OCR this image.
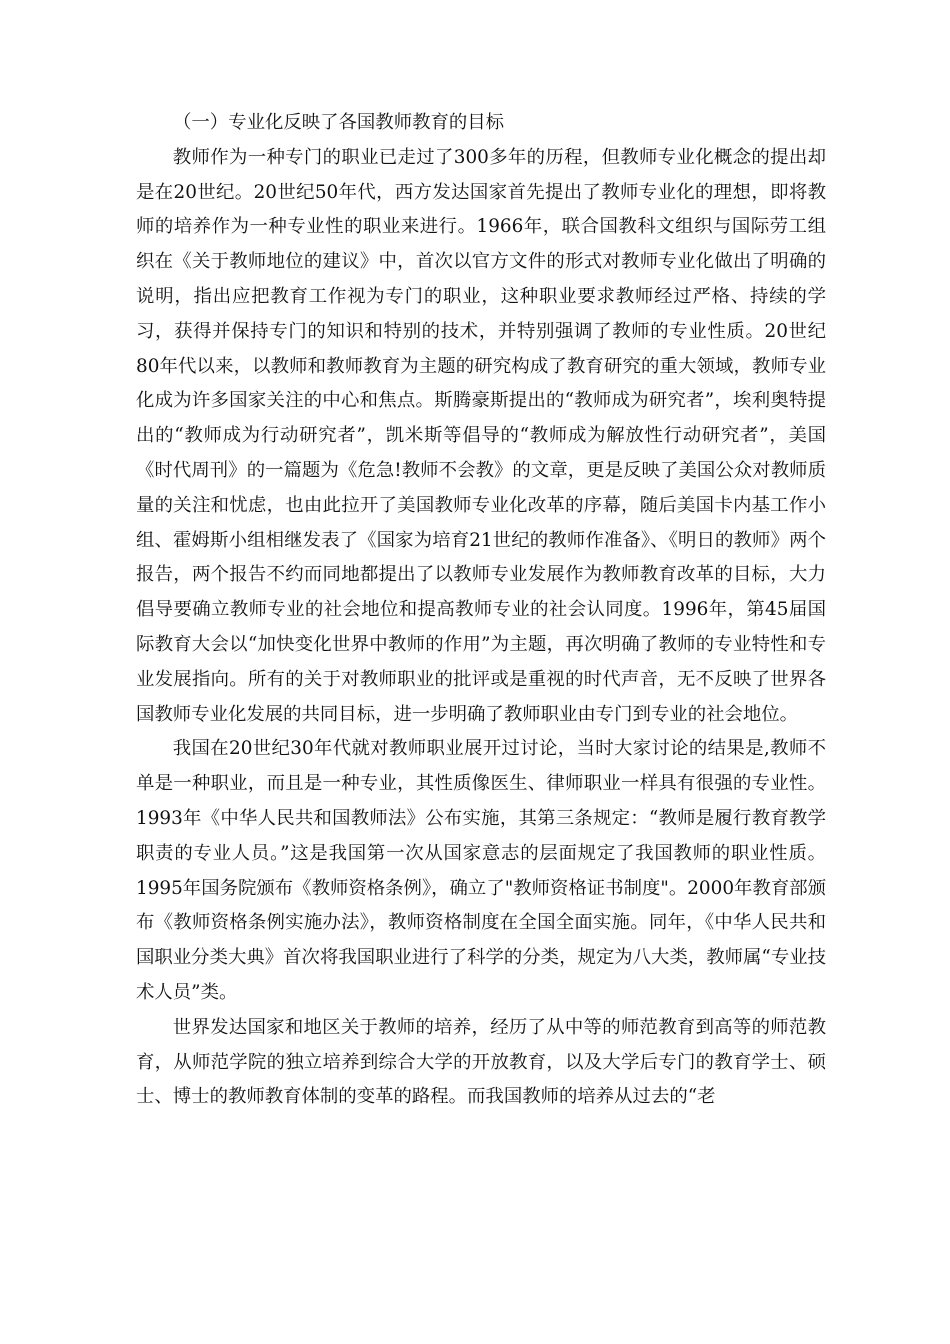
（一）专业化反映了各国教师教育的目标

教师作为一种专门的职业已走过了300多年的历程，但教师专业化概念的提出却是在20世纪。20世纪50年代，西方发达国家首先提出了教师专业化的理想，即将教师的培养作为一种专业性的职业来进行。1966年，联合国教科文组织与国际劳工组织在《关于教师地位的建议》中，首次以官方文件的形式对教师专业化做出了明确的说明，指出应把教育工作视为专门的职业，这种职业要求教师经过严格、持续的学习，获得并保持专门的知识和特别的技术，并特别强调了教师的专业性质。20世纪80年代以来，以教师和教师教育为主题的研究构成了教育研究的重大领域，教师专业化成为许多国家关注的中心和焦点。斯腾豪斯提出的“教师成为研究者”，埃利奥特提出的“教师成为行动研究者”，凯米斯等倡导的“教师成为解放性行动研究者”，美国《时代周刊》的一篇题为《危急!教师不会教》的文章，更是反映了美国公众对教师质量的关注和忧虑，也由此拉开了美国教师专业化改革的序幕，随后美国卡内基工作小组、霍姆斯小组相继发表了《国家为培育21世纪的教师作准备》、《明日的教师》两个报告，两个报告不约而同地都提出了以教师专业发展作为教师教育改革的目标，大力倡导要确立教师专业的社会地位和提高教师专业的社会认同度。1996年，第45届国际教育大会以“加快变化世界中教师的作用”为主题，再次明确了教师的专业特性和专业发展指向。所有的关于对教师职业的批评或是重视的时代声音，无不反映了世界各国教师专业化发展的共同目标，进一步明确了教师职业由专门到专业的社会地位。

我国在20世纪30年代就对教师职业展开过讨论，当时大家讨论的结果是,教师不单是一种职业，而且是一种专业，其性质像医生、律师职业一样具有很强的专业性。1993年《中华人民共和国教师法》公布实施，其第三条规定：“教师是履行教育教学职责的专业人员。”这是我国第一次从国家意志的层面规定了我国教师的职业性质。1995年国务院颁布《教师资格条例》，确立了"教师资格证书制度"。2000年教育部颁布《教师资格条例实施办法》，教师资格制度在全国全面实施。同年，《中华人民共和国职业分类大典》首次将我国职业进行了科学的分类，规定为八大类，教师属“专业技术人员”类。

世界发达国家和地区关于教师的培养，经历了从中等的师范教育到高等的师范教育，从师范学院的独立培养到综合大学的开放教育，以及大学后专门的教育学士、硕士、博士的教师教育体制的变革的路程。而我国教师的培养从过去的“老
